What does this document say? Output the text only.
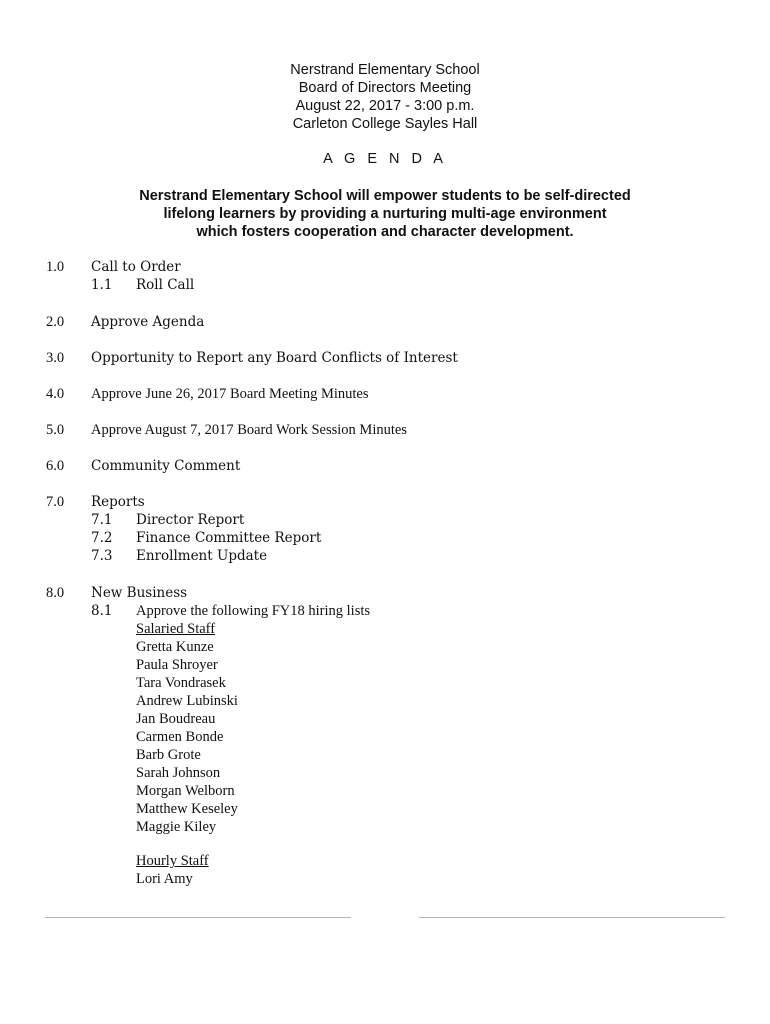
Nerstrand Elementary School
Board of Directors Meeting
August 22, 2017 - 3:00 p.m.
Carleton College Sayles Hall
A G E N D A
Nerstrand Elementary School will empower students to be self-directed
lifelong learners by providing a nurturing multi-age environment
which fosters cooperation and character development.
1.0 Call to Order
1.1 Roll Call
2.0 Approve Agenda
3.0 Opportunity to Report any Board Conflicts of Interest
4.0 Approve June 26, 2017 Board Meeting Minutes
5.0 Approve August 7, 2017 Board Work Session Minutes
6.0 Community Comment
7.0 Reports
7.1 Director Report
7.2 Finance Committee Report
7.3 Enrollment Update
8.0 New Business
8.1 Approve the following FY18 hiring lists
Salaried Staff
Gretta Kunze
Paula Shroyer
Tara Vondrasek
Andrew Lubinski
Jan Boudreau
Carmen Bonde
Barb Grote
Sarah Johnson
Morgan Welborn
Matthew Keseley
Maggie Kiley
Hourly Staff
Lori Amy
